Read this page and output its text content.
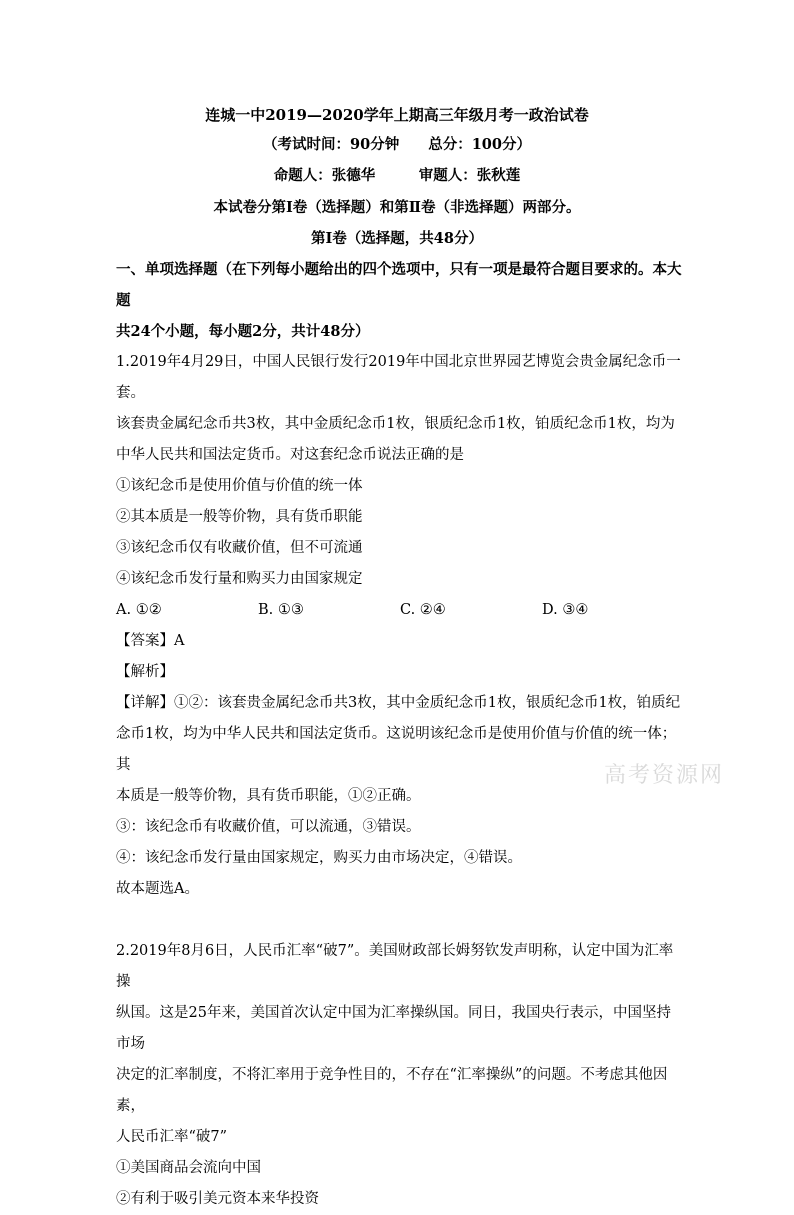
连城一中2019—2020学年上期高三年级月考一政治试卷
（考试时间：90分钟　　总分：100分）
命题人：张德华　　　审题人：张秋莲
本试卷分第Ⅰ卷（选择题）和第Ⅱ卷（非选择题）两部分。
第Ⅰ卷（选择题，共48分）

一、单项选择题（在下列每小题给出的四个选项中，只有一项是最符合题目要求的。本大题

共24个小题，每小题2分，共计48分）

1.2019年4月29日，中国人民银行发行2019年中国北京世界园艺博览会贵金属纪念币一套。

该套贵金属纪念币共3枚，其中金质纪念币1枚，银质纪念币1枚，铂质纪念币1枚，均为

中华人民共和国法定货币。对这套纪念币说法正确的是

①该纪念币是使用价值与价值的统一体

②其本质是一般等价物，具有货币职能

③该纪念币仅有收藏价值，但不可流通

④该纪念币发行量和购买力由国家规定

A. ①②	B. ①③	C. ②④	D. ③④

【答案】A

【解析】

【详解】①②：该套贵金属纪念币共3枚，其中金质纪念币1枚，银质纪念币1枚，铂质纪

念币1枚，均为中华人民共和国法定货币。这说明该纪念币是使用价值与价值的统一体；其

本质是一般等价物，具有货币职能，①②正确。

③：该纪念币有收藏价值，可以流通，③错误。

④：该纪念币发行量由国家规定，购买力由市场决定，④错误。

故本题选A。

2.2019年8月6日，人民币汇率“破7”。美国财政部长姆努钦发声明称，认定中国为汇率操

纵国。这是25年来，美国首次认定中国为汇率操纵国。同日，我国央行表示，中国坚持市场

决定的汇率制度，不将汇率用于竞争性目的，不存在“汇率操纵”的问题。不考虑其他因素，

人民币汇率“破7”

①美国商品会流向中国

②有利于吸引美元资本来华投资

高考资源网
